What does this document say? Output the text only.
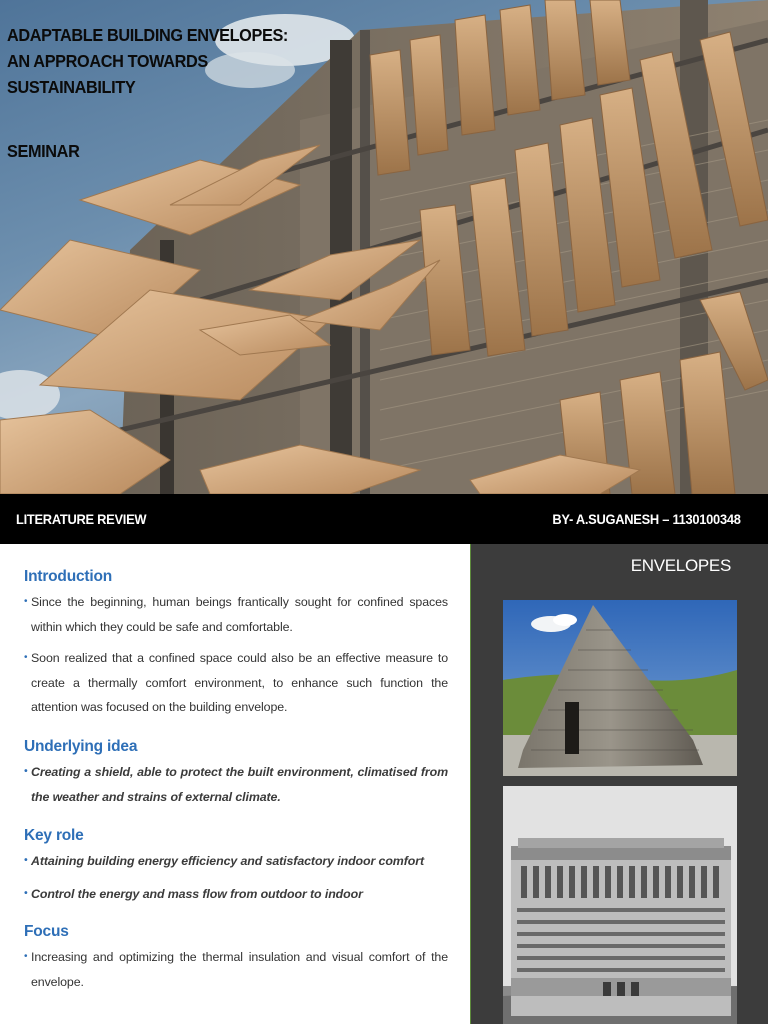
ADAPTABLE BUILDING ENVELOPES:
AN APPROACH TOWARDS
SUSTAINABILITY
SEMINAR
LITERATURE REVIEW	BY- A.SUGANESH – 1130100348
Introduction
• Since the beginning, human beings frantically sought for confined spaces within which they could be safe and comfortable.
• Soon realized that a confined space could also be an effective measure to create a thermally comfort environment, to enhance such function the attention was focused on the building envelope.
Underlying idea
• Creating a shield, able to protect the built environment, climatised from the weather and strains of external climate.
Key role
• Attaining building energy efficiency and satisfactory indoor comfort
• Control the energy and mass flow from outdoor to indoor
Focus
• Increasing and optimizing the thermal insulation and visual comfort of the envelope.
ENVELOPES
